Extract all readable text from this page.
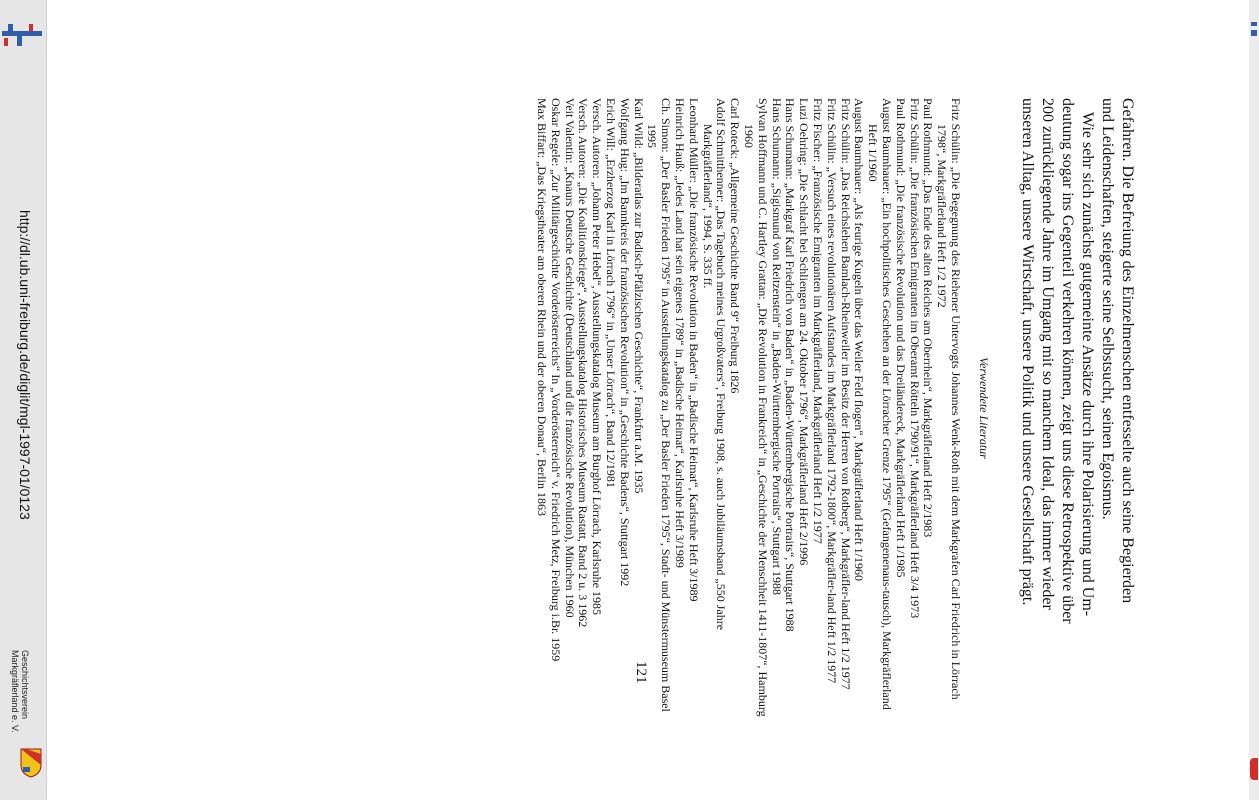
http://dl.ub.uni-freiburg.de/diglit/mgl-1997-01/0123
Geschichtsverein
Markgräflerland e. V.

Gefahren. Die Befreiung des Einzelmenschen entfesselte auch seine Begierden

und Leidenschaften, steigerte seine Selbstsucht, seinen Egoismus.

Wie sehr sich zunächst gutgemeinte Ansätze durch ihre Polarisierung und Um-

deutung sogar ins Gegenteil verkehren können, zeigt uns diese Retrospektive über

200 zurückliegende Jahre im Umgang mit so manchem Ideal, das immer wieder

unseren Alltag, unsere Wirtschaft, unsere Politik und unsere Gesellschaft prägt.

Verwendete Literatur
Fritz Schülin: „Die Begegnung des Riehener Untervogts Johannes Wenk-Roth mit dem Markgrafen Carl Friedrich in Lörrach 1798“, Markgräflerland Heft 1/2 1972
Paul Rothmund: „Das Ende des alten Reiches am Oberrhein“, Markgräflerland Heft 2/1983
Fritz Schülin: „Die französischen Emigranten im Oberamt Rötteln 1790/91“, Markgräflerland Heft 3/4 1973
Paul Rothmund: „Die französische Revolution und das Dreiländereck, Markgräflerland Heft 1/1985
August Baumhauer: „Ein hochpolitisches Geschehen an der Lörracher Grenze 1795“ (Gefangenenaus-tausch), Markgräflerland Heft 1/1960
August Baumhauer: „Als feurige Kugeln über das Weiler Feld flogen“, Markgräflerland Heft 1/1960
Fritz Schülin: „Das Reichslehen Bamlach-Rheinweiler im Besitz der Herren von Rotberg“, Markgräfler-land Heft 1/2 1977
Fritz Schülin: „Versuch eines revolutionären Aufstandes im Markgräflerland 1792-1800“, Markgräfler-land Heft 1/2 1977
Fritz Fischer: „Französische Emigranten im Markgräflerland, Markgräflerland Heft 1/2 1977
Luzi Oehring: „Die Schlacht bei Schliengen am 24. Oktober 1796“, Markgräflerland Heft 2/1996
Hans Schumann: „Markgraf Karl Friedrich von Baden“ in „Baden-Württembergische Portraits“, Stuttgart 1988
Hans Schumann: „Sigismund von Reitzenstein“ in „Baden-Württembergische Portraits“, Stuttgart 1988
Sylvan Hoffmann und C. Hartley Grattan: „Die Revolution in Frankreich“ in „Geschichte der Menschheit 1411-1807“, Hamburg 1960
Carl Roteck: „Allgemeine Geschichte Band 9“ Freiburg 1826
Adolf Schmitthenner: „Das Tagebuch meines Urgroßvaters“, Freiburg 1908, s. auch Jubiläumsband „550 Jahre Markgräflerland“, 1994, S. 335 ff.
Leonhard Müller: „Die französische Revolution in Baden“ in „Badische Heimat“, Karlsruhe Heft 3/1989
Heinrich Hauß: „Jedes Land hat sein eigenes 1789“ in „Badische Heimat“, Karlsruhe Heft 3/1989
Ch. Simon: „Der Basler Frieden 1795“ in Ausstellungskatalog zu „Der Basler Frieden 1795“, Stadt- und Münstermuseum Basel 1995
Karl Wild: „Bilderatlas zur Badisch-Pfälzischen Geschichte“, Frankfurt a.M. 1935
Wolfgang Hug: „Im Bannkreis der französischen Revolution“ in „Geschichte Badens“, Stuttgart 1992
Erich Will: „Erzherzog Karl in Lörrach 1796“ in „Unser Lörrach“, Band 12/1981
Versch. Autoren: „Johann Peter Hebel“, Ausstellungskatalog Museum am Burghof Lörrach, Karlsruhe 1985
Versch. Autoren: „Die Koalitionskriege“, Ausstellungskatalog Historisches Museum Rastatt, Band 2 u. 3 1962
Veit Valentin: „Knaurs Deutsche Geschichte (Deutschland und die französische Revolution), München 1960
Oskar Regele: „Zur Militärgeschichte Vorderösterreichs“ In „Vorderösterreich“ v. Friedrich Metz, Freiburg i.Br. 1959
Max Biffart: „Das Kriegstheater am oberen Rhein und der oberen Donau“, Berlin 1863
121
